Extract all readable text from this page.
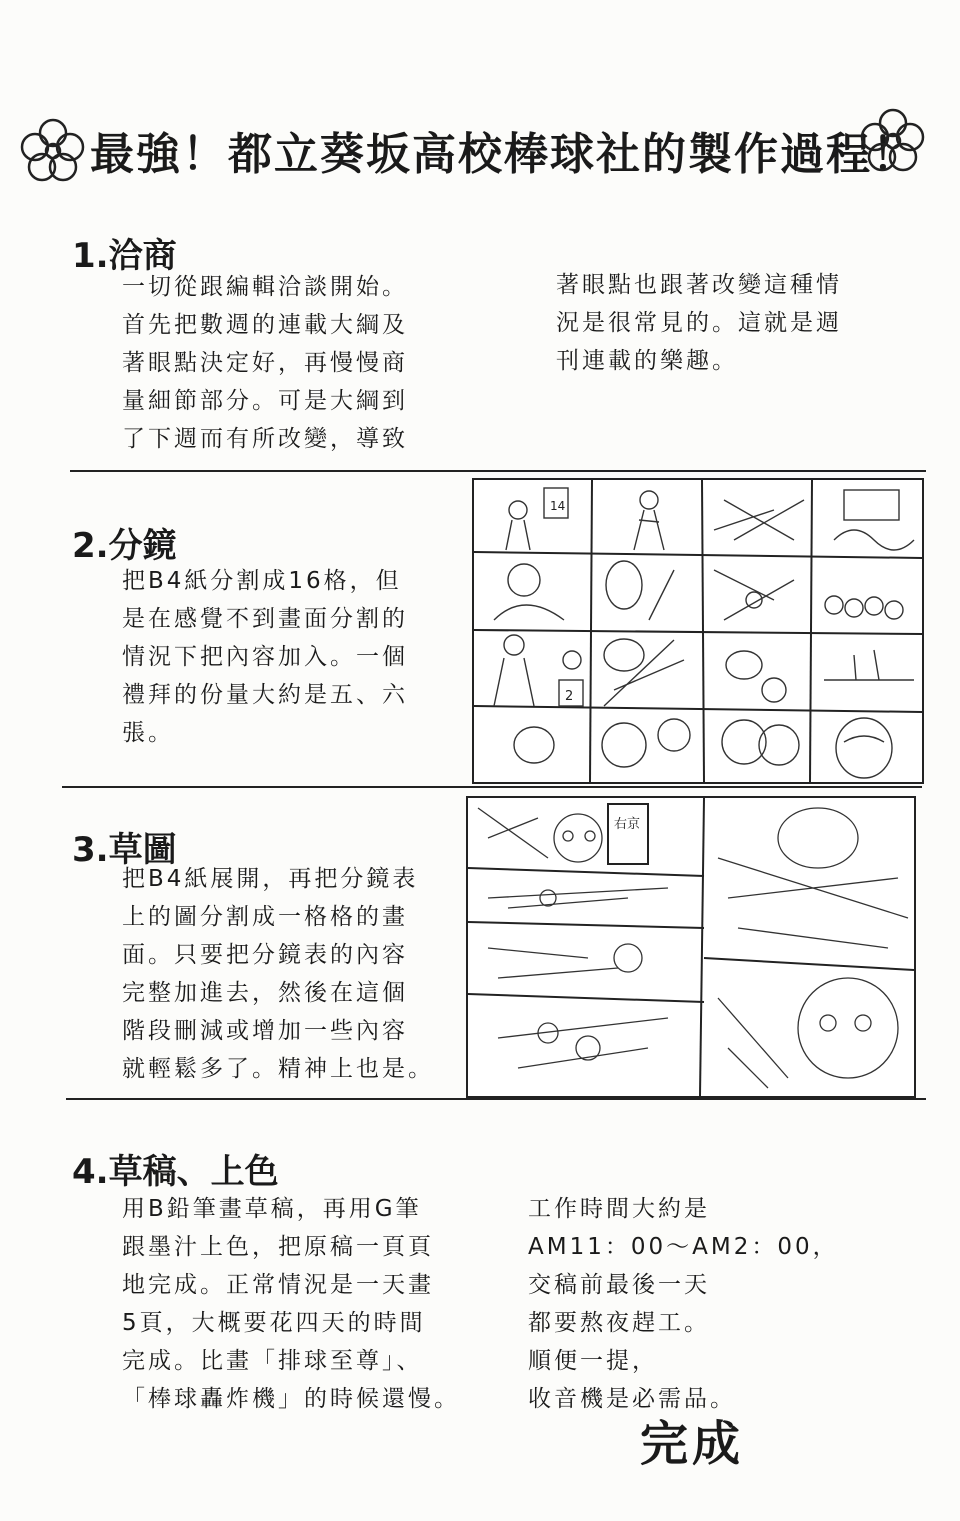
最強！都立葵坂高校棒球社的製作過程！
1.洽商
一切從跟編輯洽談開始。
首先把數週的連載大綱及
著眼點決定好，再慢慢商
量細節部分。可是大綱到
了下週而有所改變，導致
著眼點也跟著改變這種情
況是很常見的。這就是週
刊連載的樂趣。
2.分鏡
把B4紙分割成16格，但
是在感覺不到畫面分割的
情況下把內容加入。一個
禮拜的份量大約是五、六
張。
14
2
3.草圖
把B4紙展開，再把分鏡表
上的圖分割成一格格的畫
面。只要把分鏡表的內容
完整加進去，然後在這個
階段刪減或增加一些內容
就輕鬆多了。精神上也是。
右京
4.草稿、上色
用B鉛筆畫草稿，再用G筆
跟墨汁上色，把原稿一頁頁
地完成。正常情況是一天畫
5頁，大概要花四天的時間
完成。比畫「排球至尊」、
「棒球轟炸機」的時候還慢。
工作時間大約是
AM11：00～AM2：00，
交稿前最後一天
都要熬夜趕工。
順便一提，
收音機是必需品。
完成
